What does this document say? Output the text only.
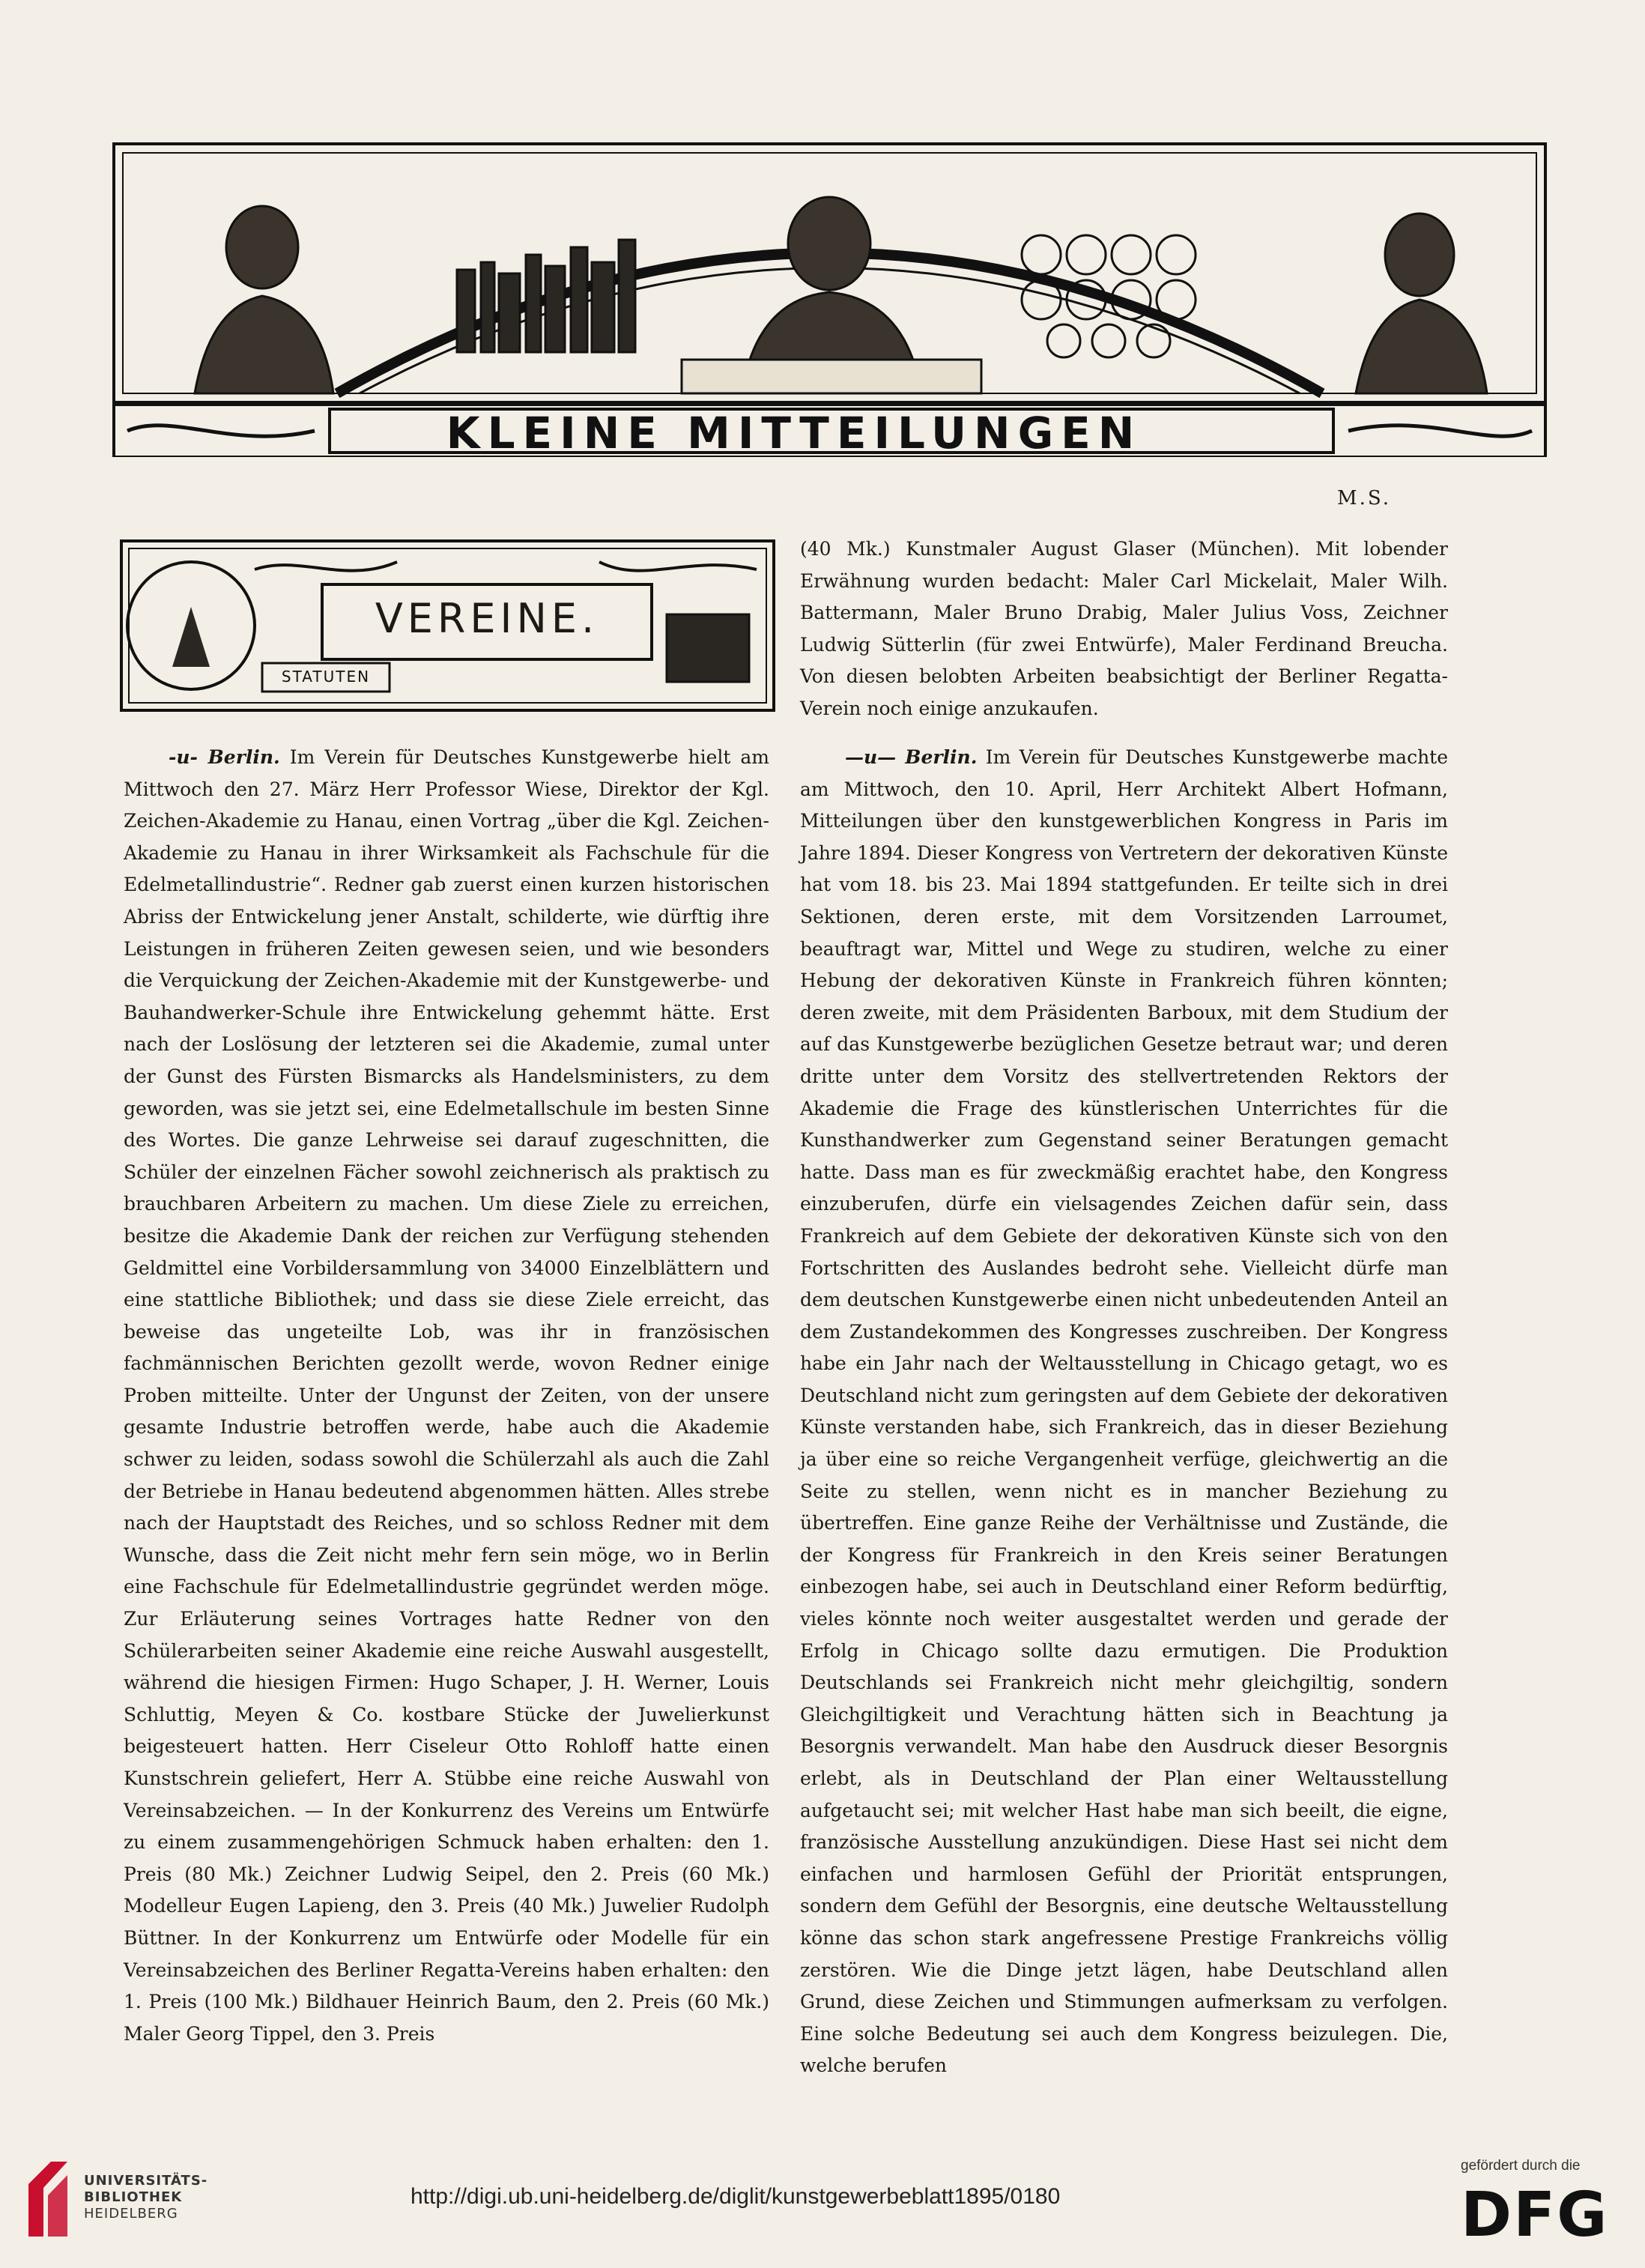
KLEINE MITTEILUNGEN
M.S.
VEREINE.
STATUTEN

-u- Berlin. Im Verein für Deutsches Kunstgewerbe hielt am Mittwoch den 27. März Herr Professor Wiese, Direktor der Kgl. Zeichen-Akademie zu Hanau, einen Vortrag „über die Kgl. Zeichen-Akademie zu Hanau in ihrer Wirksamkeit als Fachschule für die Edelmetallindustrie“. Redner gab zuerst einen kurzen historischen Abriss der Entwickelung jener Anstalt, schilderte, wie dürftig ihre Leistungen in früheren Zeiten gewesen seien, und wie besonders die Verquickung der Zeichen-Akademie mit der Kunstgewerbe- und Bauhandwerker-Schule ihre Entwickelung gehemmt hätte. Erst nach der Loslösung der letzteren sei die Akademie, zumal unter der Gunst des Fürsten Bismarcks als Handelsministers, zu dem geworden, was sie jetzt sei, eine Edelmetallschule im besten Sinne des Wortes. Die ganze Lehrweise sei darauf zugeschnitten, die Schüler der einzelnen Fächer sowohl zeichnerisch als praktisch zu brauchbaren Arbeitern zu machen. Um diese Ziele zu erreichen, besitze die Akademie Dank der reichen zur Verfügung stehenden Geldmittel eine Vorbildersammlung von 34000 Einzelblättern und eine stattliche Bibliothek; und dass sie diese Ziele erreicht, das beweise das ungeteilte Lob, was ihr in französischen fachmännischen Berichten gezollt werde, wovon Redner einige Proben mitteilte. Unter der Ungunst der Zeiten, von der unsere gesamte Industrie betroffen werde, habe auch die Akademie schwer zu leiden, sodass sowohl die Schülerzahl als auch die Zahl der Betriebe in Hanau bedeutend abgenommen hätten. Alles strebe nach der Hauptstadt des Reiches, und so schloss Redner mit dem Wunsche, dass die Zeit nicht mehr fern sein möge, wo in Berlin eine Fachschule für Edelmetallindustrie gegründet werden möge. Zur Erläuterung seines Vortrages hatte Redner von den Schülerarbeiten seiner Akademie eine reiche Auswahl ausgestellt, während die hiesigen Firmen: Hugo Schaper, J. H. Werner, Louis Schluttig, Meyen & Co. kostbare Stücke der Juwelierkunst beigesteuert hatten. Herr Ciseleur Otto Rohloff hatte einen Kunstschrein geliefert, Herr A. Stübbe eine reiche Auswahl von Vereinsabzeichen. — In der Konkurrenz des Vereins um Entwürfe zu einem zusammengehörigen Schmuck haben erhalten: den 1. Preis (80 Mk.) Zeichner Ludwig Seipel, den 2. Preis (60 Mk.) Modelleur Eugen Lapieng, den 3. Preis (40 Mk.) Juwelier Rudolph Büttner. In der Konkurrenz um Entwürfe oder Modelle für ein Vereinsabzeichen des Berliner Regatta-Vereins haben erhalten: den 1. Preis (100 Mk.) Bildhauer Heinrich Baum, den 2. Preis (60 Mk.) Maler Georg Tippel, den 3. Preis

(40 Mk.) Kunstmaler August Glaser (München). Mit lobender Erwähnung wurden bedacht: Maler Carl Mickelait, Maler Wilh. Battermann, Maler Bruno Drabig, Maler Julius Voss, Zeichner Ludwig Sütterlin (für zwei Entwürfe), Maler Ferdinand Breucha. Von diesen belobten Arbeiten beabsichtigt der Berliner Regatta-Verein noch einige anzukaufen.

—u— Berlin. Im Verein für Deutsches Kunstgewerbe machte am Mittwoch, den 10. April, Herr Architekt Albert Hofmann, Mitteilungen über den kunstgewerblichen Kongress in Paris im Jahre 1894. Dieser Kongress von Vertretern der dekorativen Künste hat vom 18. bis 23. Mai 1894 stattgefunden. Er teilte sich in drei Sektionen, deren erste, mit dem Vorsitzenden Larroumet, beauftragt war, Mittel und Wege zu studiren, welche zu einer Hebung der dekorativen Künste in Frankreich führen könnten; deren zweite, mit dem Präsidenten Barboux, mit dem Studium der auf das Kunstgewerbe bezüglichen Gesetze betraut war; und deren dritte unter dem Vorsitz des stellvertretenden Rektors der Akademie die Frage des künstlerischen Unterrichtes für die Kunsthandwerker zum Gegenstand seiner Beratungen gemacht hatte. Dass man es für zweckmäßig erachtet habe, den Kongress einzuberufen, dürfe ein vielsagendes Zeichen dafür sein, dass Frankreich auf dem Gebiete der dekorativen Künste sich von den Fortschritten des Auslandes bedroht sehe. Vielleicht dürfe man dem deutschen Kunstgewerbe einen nicht unbedeutenden Anteil an dem Zustandekommen des Kongresses zuschreiben. Der Kongress habe ein Jahr nach der Weltausstellung in Chicago getagt, wo es Deutschland nicht zum geringsten auf dem Gebiete der dekorativen Künste verstanden habe, sich Frankreich, das in dieser Beziehung ja über eine so reiche Vergangenheit verfüge, gleichwertig an die Seite zu stellen, wenn nicht es in mancher Beziehung zu übertreffen. Eine ganze Reihe der Verhältnisse und Zustände, die der Kongress für Frankreich in den Kreis seiner Beratungen einbezogen habe, sei auch in Deutschland einer Reform bedürftig, vieles könnte noch weiter ausgestaltet werden und gerade der Erfolg in Chicago sollte dazu ermutigen. Die Produktion Deutschlands sei Frankreich nicht mehr gleichgiltig, sondern Gleichgiltigkeit und Verachtung hätten sich in Beachtung ja Besorgnis verwandelt. Man habe den Ausdruck dieser Besorgnis erlebt, als in Deutschland der Plan einer Weltausstellung aufgetaucht sei; mit welcher Hast habe man sich beeilt, die eigne, französische Ausstellung anzukündigen. Diese Hast sei nicht dem einfachen und harmlosen Gefühl der Priorität entsprungen, sondern dem Gefühl der Besorgnis, eine deutsche Weltausstellung könne das schon stark angefressene Prestige Frankreichs völlig zerstören. Wie die Dinge jetzt lägen, habe Deutschland allen Grund, diese Zeichen und Stimmungen aufmerksam zu verfolgen. Eine solche Bedeutung sei auch dem Kongress beizulegen. Die, welche berufen

UNIVERSITÄTS-
BIBLIOTHEK
HEIDELBERG
http://digi.ub.uni-heidelberg.de/diglit/kunstgewerbeblatt1895/0180
gefördert durch die
DFG
